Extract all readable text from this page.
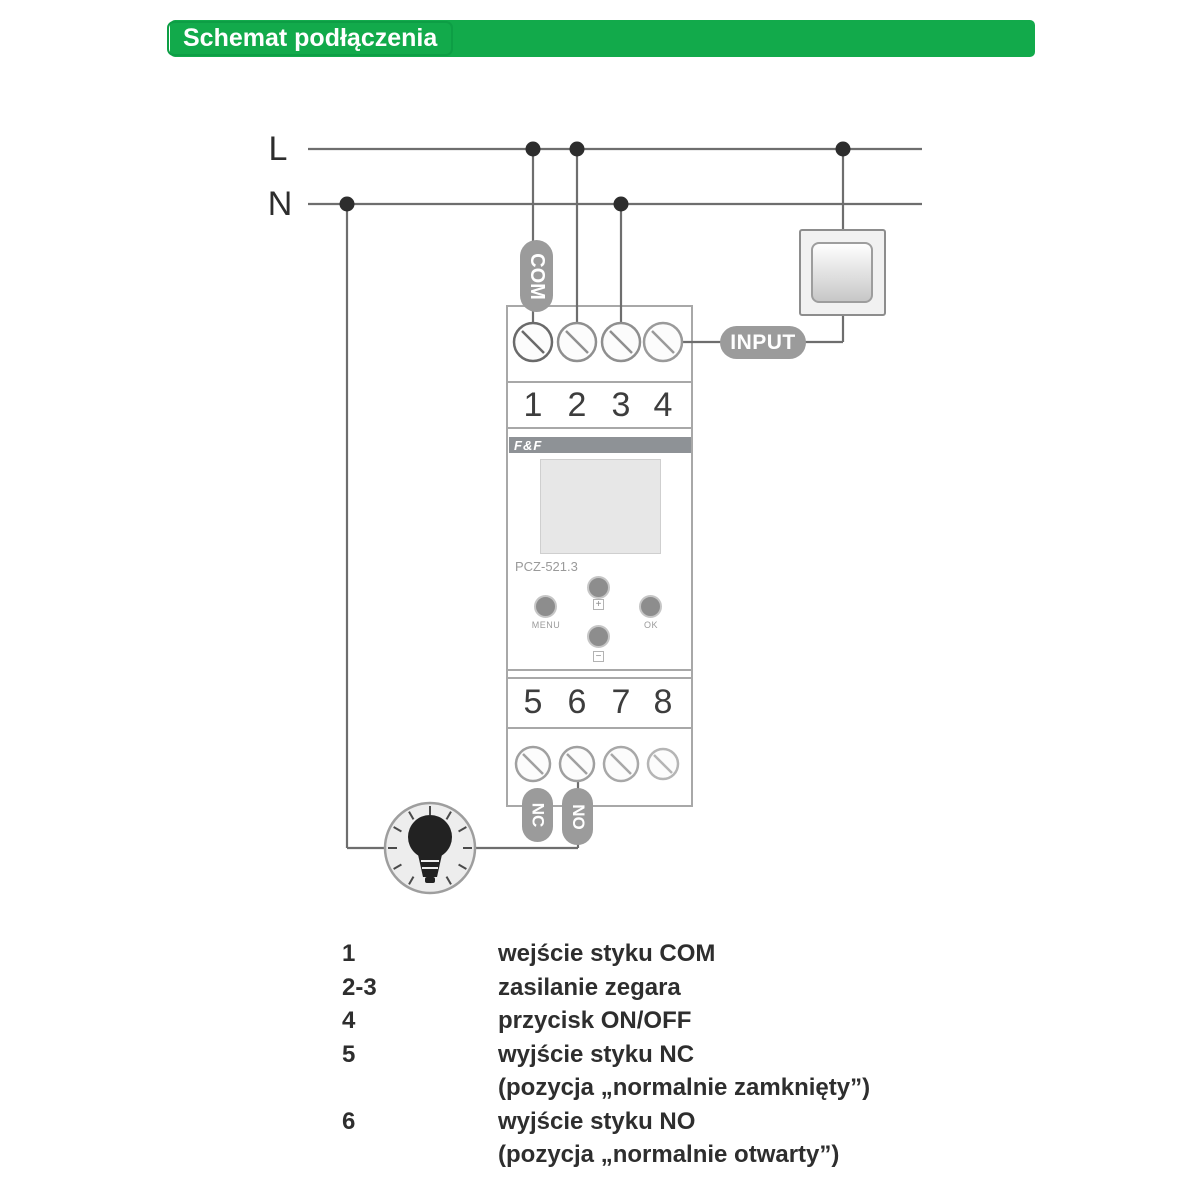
Schemat podłączenia
L
N
F&F
PCZ-521.3
+
MENU	OK
−
1 2 3 4
5 6 7 8
COM
INPUT
NC NO
1	wejście styku COM
2-3	zasilanie zegara
4	przycisk ON/OFF
5	wyjście styku NC
(pozycja „normalnie zamknięty”)
6	wyjście styku NO
(pozycja „normalnie otwarty”)
